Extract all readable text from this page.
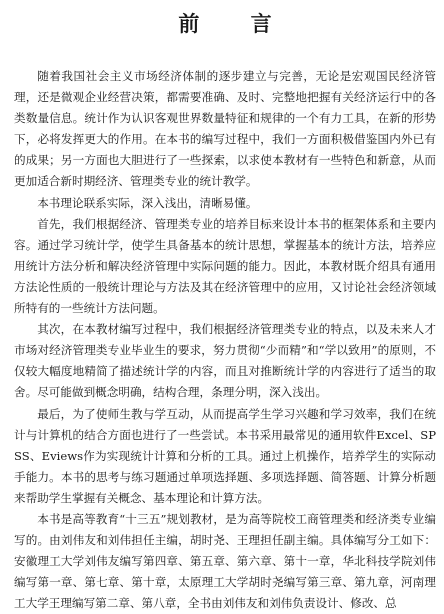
前 言

随着我国社会主义市场经济体制的逐步建立与完善，无论是宏观国民经济管理，还是微观企业经营决策，都需要准确、及时、完整地把握有关经济运行中的各类数量信息。统计作为认识客观世界数量特征和规律的一个有力工具，在新的形势下，必将发挥更大的作用。在本书的编写过程中，我们一方面积极借鉴国内外已有的成果；另一方面也大胆进行了一些探索，以求使本教材有一些特色和新意，从而更加适合新时期经济、管理类专业的统计教学。

本书理论联系实际，深入浅出，清晰易懂。

首先，我们根据经济、管理类专业的培养目标来设计本书的框架体系和主要内容。通过学习统计学，使学生具备基本的统计思想，掌握基本的统计方法，培养应用统计方法分析和解决经济管理中实际问题的能力。因此，本教材既介绍具有通用方法论性质的一般统计理论与方法及其在经济管理中的应用，又讨论社会经济领域所特有的一些统计方法问题。

其次，在本教材编写过程中，我们根据经济管理类专业的特点，以及未来人才市场对经济管理类专业毕业生的要求，努力贯彻“少而精”和“学以致用”的原则，不仅较大幅度地精简了描述统计学的内容，而且对推断统计学的内容进行了适当的取舍。尽可能做到概念明确，结构合理，条理分明，深入浅出。

最后，为了使师生教与学互动，从而提高学生学习兴趣和学习效率，我们在统计与计算机的结合方面也进行了一些尝试。本书采用最常见的通用软件Excel、SPSS、Eviews作为实现统计计算和分析的工具。通过上机操作，培养学生的实际动手能力。本书的思考与练习题通过单项选择题、多项选择题、简答题、计算分析题来帮助学生掌握有关概念、基本理论和计算方法。

本书是高等教育“十三五”规划教材，是为高等院校工商管理类和经济类专业编写的。由刘伟友和刘伟担任主编，胡时尧、王理担任副主编。具体编写分工如下：安徽理工大学刘伟友编写第四章、第五章、第六章、第十一章，华北科技学院刘伟编写第一章、第七章、第十章，太原理工大学胡时尧编写第三章、第九章，河南理工大学王理编写第二章、第八章，全书由刘伟友和刘伟负责设计、修改、总
